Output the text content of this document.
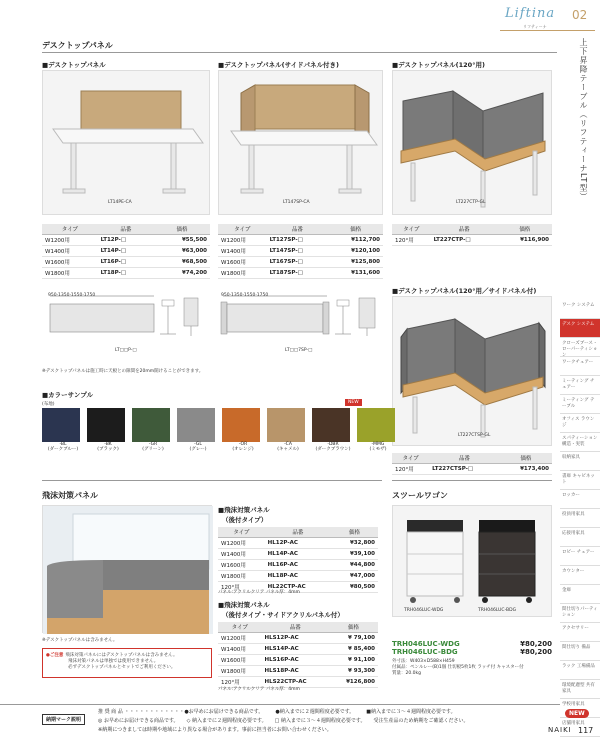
Liftina
リフティーナ
02
上下昇降テーブル（リフティーナLT型）
デスクトップパネル
■デスクトップパネル
LT14PE-CA
タイプ	品番	価格
W1200用	LT12P-□	¥55,500
W1400用	LT14P-□	¥63,000
W1600用	LT16P-□	¥68,500
W1800用	LT18P-□	¥74,200
■デスクトップパネル(サイドパネル付き)
LT147SP-CA
タイプ	品番	価格
W1200用	LT127SP-□	¥112,700
W1400用	LT147SP-□	¥120,100
W1600用	LT167SP-□	¥125,800
W1800用	LT187SP-□	¥131,600
■デスクトップパネル(120°用)
LT227CTP-GL
タイプ	品番	価格
120°用	LT227CTP-□	¥116,900
950·1350·1550·1750
LT□□P-□
950·1350·1550·1750
LT□□7SP-□
※デスクトップパネルは施工時に天板との隙間を20mm開けることができます。
■デスクトップパネル(120°用／サイドパネル付)
LT227CTSP-GL
タイプ	品番	価格
120°用	LT227CTSP-□	¥173,400
■カラーサンプル
(布地)	NEW
-BL
(ダークブルー)
-BK
(ブラック)
-GR
(グリーン)
-GL
(グレー)
-OR
(オレンジ)
-CA
(キャメル)
-DBR
(ダークブラウン)
-MMG
(ミモザ)
飛沫対策パネル
※デスクトップパネルは含みません。
●ご注意 飛沫対策パネルにはデスクトップパネルは含みません。
飛沫対策パネルは単独では使用できません。
必ずデスクトップパネルとセットでご利用ください。
■飛沫対策パネル
（後付タイプ）
タイプ	品番	価格
W1200用	HL12P-AC	¥32,800
W1400用	HL14P-AC	¥39,100
W1600用	HL16P-AC	¥44,800
W1800用	HL18P-AC	¥47,000
120°用	HL22CTP-AC	¥80,500
パネル:アクリルクリア パネル厚：4mm
■飛沫対策パネル
（後付タイプ・サイドアクリルパネル付）
タイプ	品番	価格
W1200用	HLS12P-AC	¥ 79,100
W1400用	HLS14P-AC	¥ 85,400
W1600用	HLS16P-AC	¥ 91,100
W1800用	HLS18P-AC	¥ 93,300
120°用	HLS22CTP-AC	¥126,800
パネル:アクリルクリア パネル厚：4mm
スツールワゴン
TRH046LUC-WDG	TRH046LUC-BDG
TRH046LUC-WDG	¥80,200
TRH046LUC-BDG	¥80,200
外寸法：W403×D588×H459
付属品：ペンルレー(B)1個 仕切板5枚1枚 ラッチ付 キャスター付
質量：20.0kg
ワーク システム
デスク システム
クローズブース・ローパーティション
ワークチェアー
ミーティング チェアー
ミーティング テーブル
オフィス ラウンジ
スパティーション 構造・実装
収納家具
書庫 キャビネット
ロッカー
役員用家具
応接用家具
ロビー チェアー
カウンター
金庫
間仕切りパーティション
アクセサリー
間仕切り 備品
ラック 工場備品
環境配慮型 共有家具
学校用家具
店舗用家具
納期マーク説明
推 奨 商 品 ・・・・・・・・・・・・●お早めにお届けできる商品です。 ●納入までに２週間程度必要です。 ■納入までに３～４週間程度必要です。
◎ お早めにお届けできる商品です。 ◇ 納入までに２週間程度必要です。 □ 納入までに３～４週間程度必要です。 受注生産品のため納期をご確認ください。
※納期につきましては時期や地域により異なる場合があります。事前に担当者にお問い合わせください。
NEW
NAIKI 117
